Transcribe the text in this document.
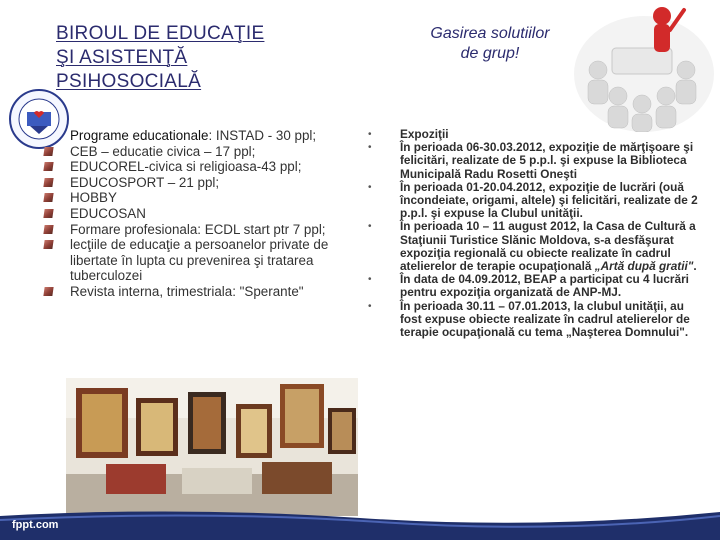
BIROUL DE EDUCAŢIE
ŞI ASISTENŢĂ
PSIHOSOCIALĂ
Gasirea solutiilor
de grup!
Programe educationale: INSTAD - 30 ppl;
CEB – educatie civica – 17 ppl;
EDUCOREL-civica si religioasa-43 ppl;
EDUCOSPORT – 21 ppl;
HOBBY
EDUCOSAN
Formare profesionala: ECDL start ptr 7 ppl;
lecţiile de educaţie a persoanelor private de libertate în lupta cu prevenirea şi tratarea tuberculozei
Revista interna, trimestriala: "Sperante"
• Expoziţii
• În perioada 06-30.03.2012, expoziţie de mărţişoare şi felicitări, realizate de 5 p.p.l. şi expuse la Biblioteca Municipală Radu Rosetti Oneşti
• În perioada 01-20.04.2012, expoziţie de lucrări (ouă încondeiate, origami, altele) şi felicitări, realizate de 2 p.p.l. şi expuse la Clubul unităţii.
• În perioada 10 – 11 august 2012, la Casa de Cultură a Staţiunii Turistice Slănic Moldova, s-a desfăşurat expoziţia regională cu obiecte realizate în cadrul atelierelor de terapie ocupaţională „Artă după gratii".
• În data de 04.09.2012, BEAP a participat cu 4 lucrări pentru expoziţia organizată de ANP-MJ.
• În perioada 30.11 – 07.01.2013, la clubul unităţii, au fost expuse obiecte realizate în cadrul atelierelor de terapie ocupaţională cu tema „Naşterea Domnului".
fppt.com
